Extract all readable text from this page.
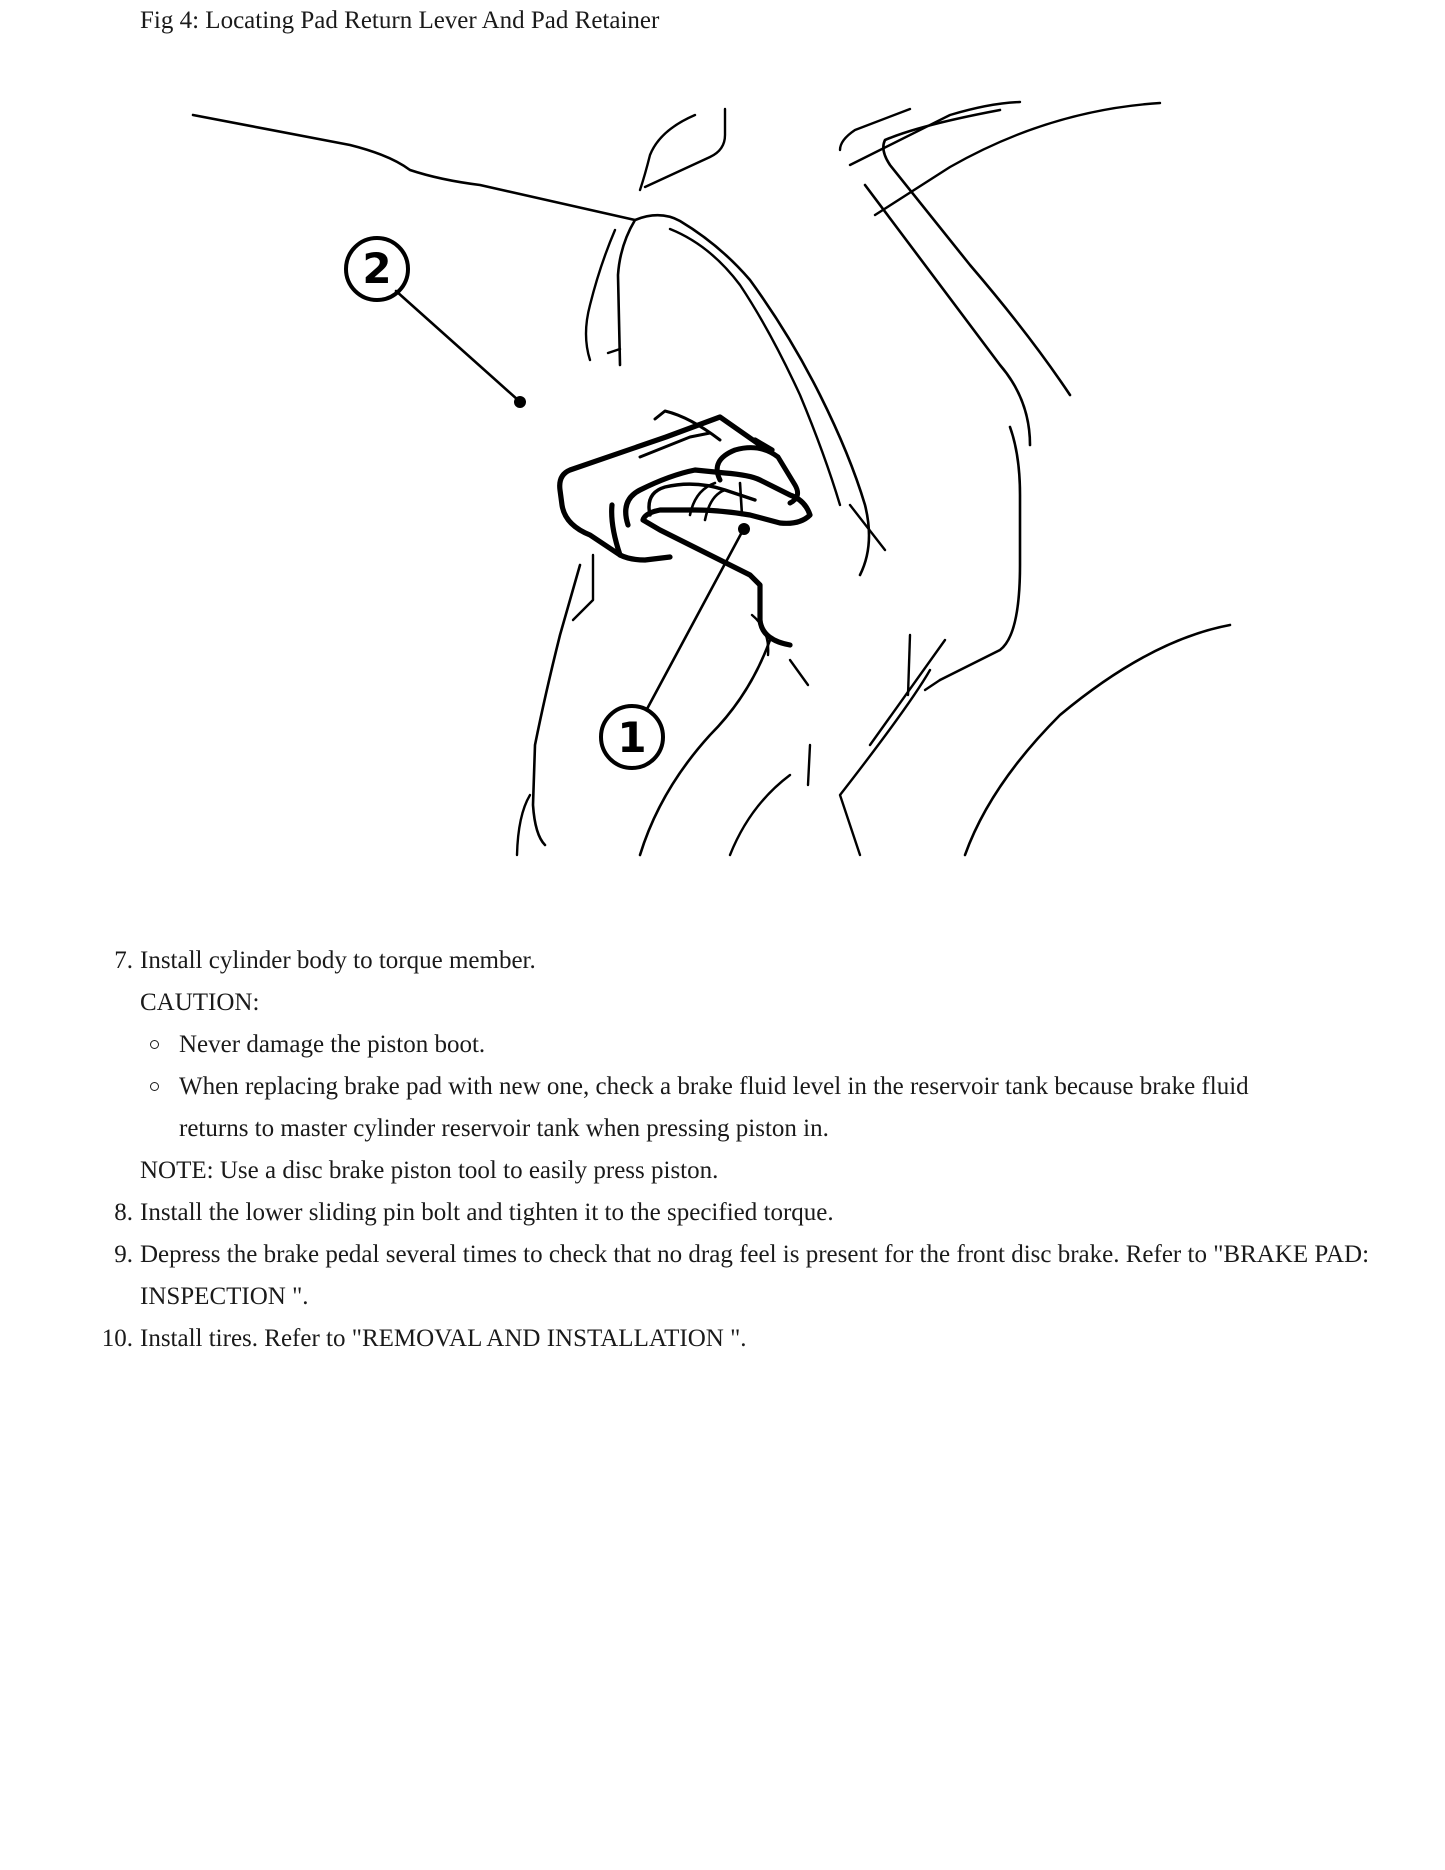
Fig 4: Locating Pad Return Lever And Pad Retainer
2
1
7. Install cylinder body to torque member.
CAUTION:
Never damage the piston boot.
When replacing brake pad with new one, check a brake fluid level in the reservoir tank because brake fluid returns to master cylinder reservoir tank when pressing piston in.
NOTE: Use a disc brake piston tool to easily press piston.
8. Install the lower sliding pin bolt and tighten it to the specified torque.
9. Depress the brake pedal several times to check that no drag feel is present for the front disc brake. Refer to "BRAKE PAD: INSPECTION ".
10. Install tires. Refer to "REMOVAL AND INSTALLATION ".
